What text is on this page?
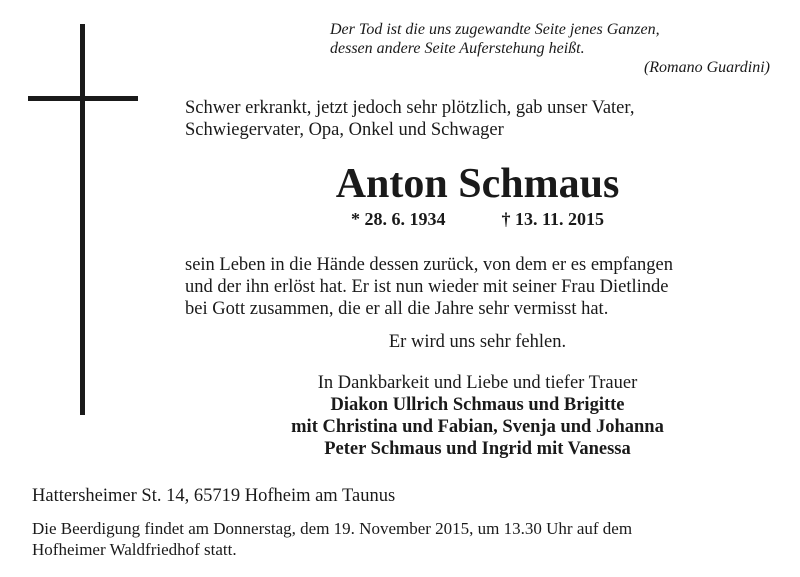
Der Tod ist die uns zugewandte Seite jenes Ganzen,
dessen andere Seite Auferstehung heißt.
(Romano Guardini)
Schwer erkrankt, jetzt jedoch sehr plötzlich, gab unser Vater,
Schwiegervater, Opa, Onkel und Schwager
Anton Schmaus
* 28. 6. 1934	† 13. 11. 2015
sein Leben in die Hände dessen zurück, von dem er es empfangen
und der ihn erlöst hat. Er ist nun wieder mit seiner Frau Dietlinde
bei Gott zusammen, die er all die Jahre sehr vermisst hat.
Er wird uns sehr fehlen.
In Dankbarkeit und Liebe und tiefer Trauer
Diakon Ullrich Schmaus und Brigitte
mit Christina und Fabian, Svenja und Johanna
Peter Schmaus und Ingrid mit Vanessa
Hattersheimer St. 14, 65719 Hofheim am Taunus
Die Beerdigung findet am Donnerstag, dem 19. November 2015, um 13.30 Uhr auf dem
Hofheimer Waldfriedhof statt.
